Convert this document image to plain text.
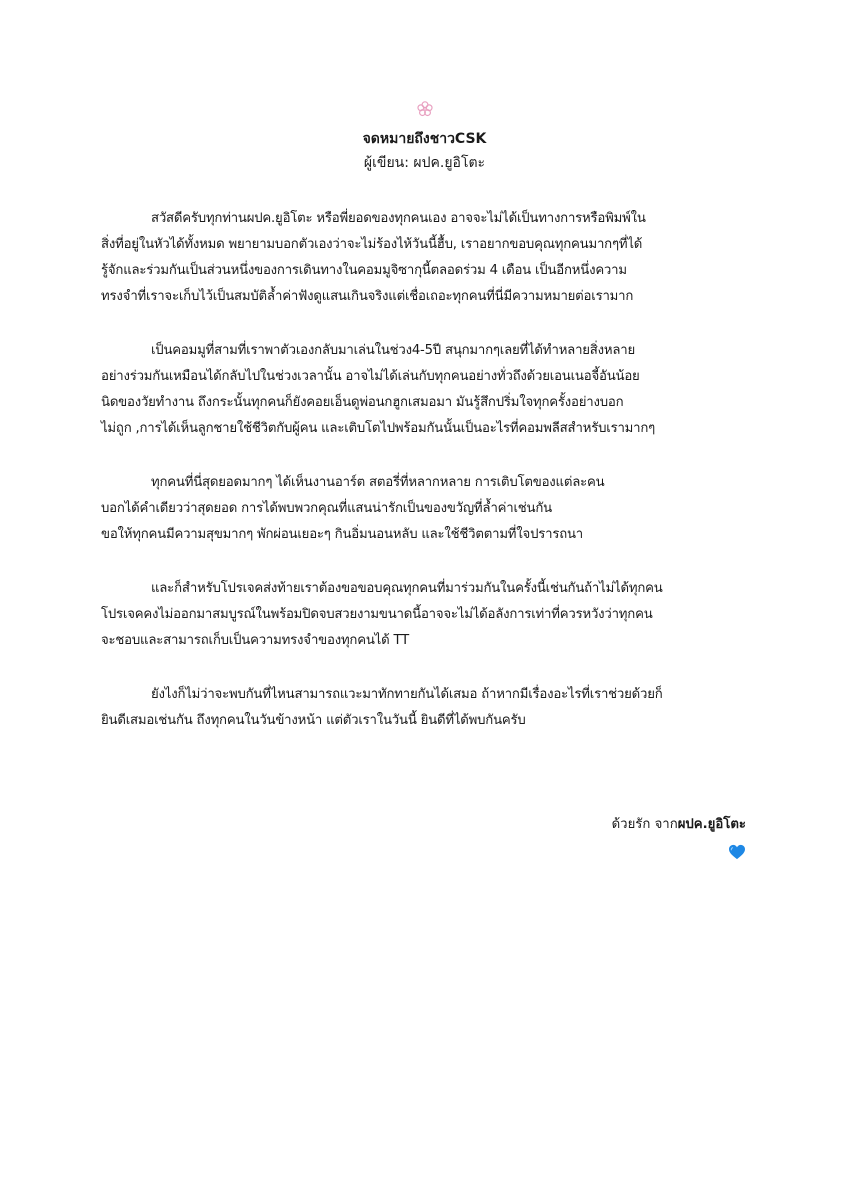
จดหมายถึงชาวCSK
ผู้เขียน: ผปค.ยูอิโตะ

สวัสดีครับทุกท่านผปค.ยูอิโตะ หรือพี่ยอดของทุกคนเอง อาจจะไม่ได้เป็นทางการหรือพิมพ์ใน
สิ่งที่อยู่ในหัวได้ทั้งหมด พยายามบอกตัวเองว่าจะไม่ร้องไห้วันนี้ฮื้บ, เราอยากขอบคุณทุกคนมากๆที่ได้
รู้จักและร่วมกันเป็นส่วนหนึ่งของการเดินทางในคอมมูจิซากุนี้ตลอดร่วม 4 เดือน เป็นอีกหนึ่งความ
ทรงจำที่เราจะเก็บไว้เป็นสมบัติล้ำค่าฟังดูแสนเกินจริงแต่เชื่อเถอะทุกคนที่นี่มีความหมายต่อเรามาก

เป็นคอมมูที่สามที่เราพาตัวเองกลับมาเล่นในช่วง4-5ปี สนุกมากๆเลยที่ได้ทำหลายสิ่งหลาย
อย่างร่วมกันเหมือนได้กลับไปในช่วงเวลานั้น อาจไม่ได้เล่นกับทุกคนอย่างทั่วถึงด้วยเอนเนอจี้อันน้อย
นิดของวัยทำงาน ถึงกระนั้นทุกคนก็ยังคอยเอ็นดูพ่อนกฮูกเสมอมา มันรู้สึกปริ่มใจทุกครั้งอย่างบอก
ไม่ถูก ,การได้เห็นลูกชายใช้ชีวิตกับผู้คน และเติบโตไปพร้อมกันนั้นเป็นอะไรที่คอมพลีสสำหรับเรามากๆ

ทุกคนที่นี่สุดยอดมากๆ ได้เห็นงานอาร์ต สตอรี่ที่หลากหลาย การเติบโตของแต่ละคน
บอกได้คำเดียวว่าสุดยอด การได้พบพวกคุณที่แสนน่ารักเป็นของขวัญที่ล้ำค่าเช่นกัน
ขอให้ทุกคนมีความสุขมากๆ พักผ่อนเยอะๆ กินอิ่มนอนหลับ และใช้ชีวิตตามที่ใจปรารถนา

และก็สำหรับโปรเจคส่งท้ายเราต้องขอขอบคุณทุกคนที่มาร่วมกันในครั้งนี้เช่นกันถ้าไม่ได้ทุกคน
โปรเจคคงไม่ออกมาสมบูรณ์ในพร้อมปิดจบสวยงามขนาดนี้อาจจะไม่ได้อลังการเท่าที่ควรหวังว่าทุกคน
จะชอบและสามารถเก็บเป็นความทรงจำของทุกคนได้ TT

ยังไงก็ไม่ว่าจะพบกันที่ไหนสามารถแวะมาทักทายกันได้เสมอ ถ้าหากมีเรื่องอะไรที่เราช่วยด้วยก็
ยินดีเสมอเช่นกัน ถึงทุกคนในวันข้างหน้า แต่ตัวเราในวันนี้ ยินดีที่ได้พบกันครับ

ด้วยรัก จากผปค.ยูอิโตะ
